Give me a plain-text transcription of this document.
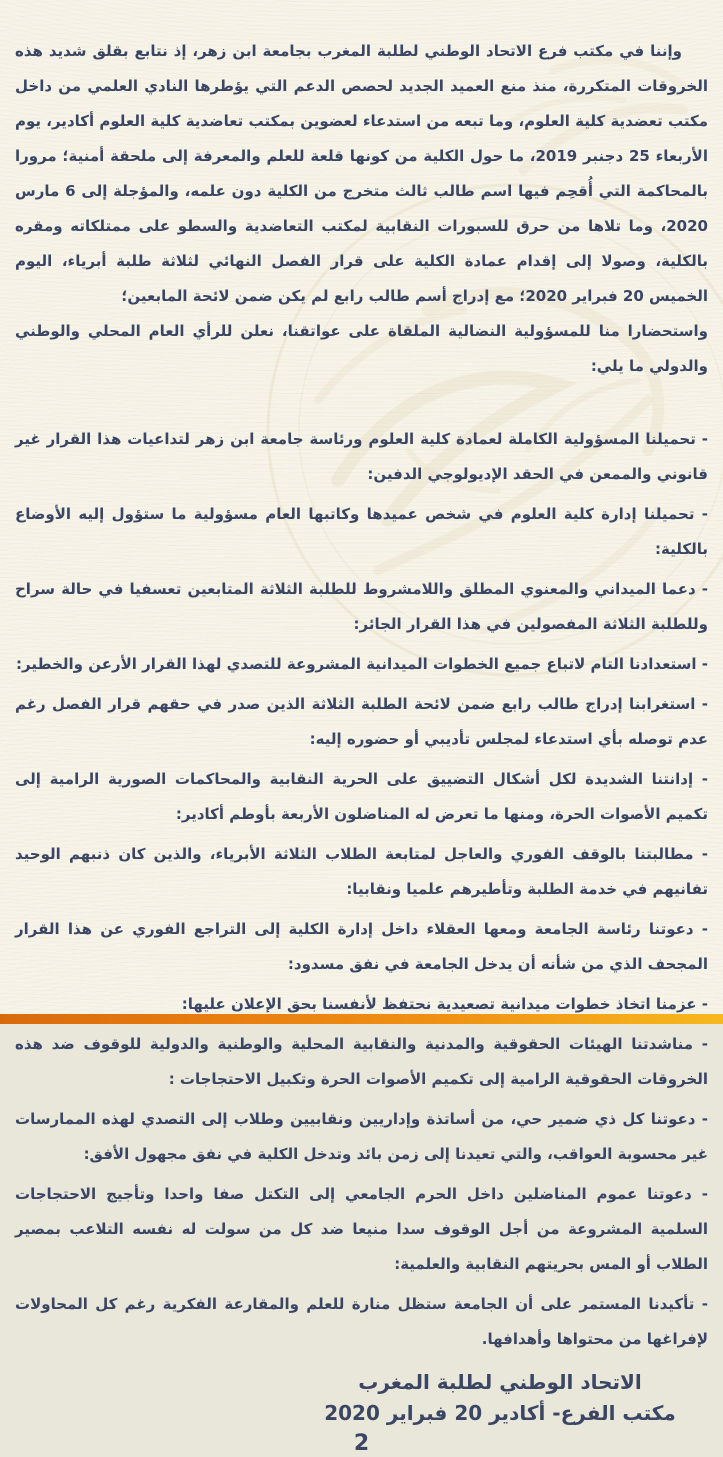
وإننا في مكتب فرع الاتحاد الوطني لطلبة المغرب بجامعة ابن زهر، إذ نتابع بقلق شديد هذه الخروقات المتكررة، منذ منع العميد الجديد لحصص الدعم التي يؤطرها النادي العلمي من داخل مكتب تعضدية كلية العلوم، وما تبعه من استدعاء لعضوين بمكتب تعاضدية كلية العلوم أكادير، يوم الأربعاء 25 دجنبر 2019، ما حول الكلية من كونها قلعة للعلم والمعرفة إلى ملحقة أمنية؛ مرورا بالمحاكمة التي أُقحِم فيها اسم طالب ثالث متخرج من الكلية دون علمه، والمؤجلة إلى 6 مارس 2020، وما تلاها من حرق للسبورات النقابية لمكتب التعاضدية والسطو على ممتلكاته ومقره بالكلية، وصولا إلى إقدام عمادة الكلية على قرار الفصل النهائي لثلاثة طلبة أبرياء، اليوم الخميس 20 فبراير 2020؛ مع إدراج أسم طالب رابع لم يكن ضمن لائحة المابعين؛

واستحضارا منا للمسؤولية النضالية الملقاة على عواتقنا، نعلن للرأي العام المحلي والوطني والدولي ما يلي:

- تحميلنا المسؤولية الكاملة لعمادة كلية العلوم ورئاسة جامعة ابن زهر لتداعيات هذا القرار غير قانوني والممعن في الحقد الإديولوجي الدفين:

- تحميلنا إدارة كلية العلوم في شخص عميدها وكاتبها العام مسؤولية ما ستؤول إليه الأوضاع بالكلية:

- دعما الميداني والمعنوي المطلق واللامشروط للطلبة الثلاثة المتابعين تعسفيا في حالة سراح وللطلبة الثلاثة المفصولين في هذا القرار الجائر:

- استعدادنا التام لاتباع جميع الخطوات الميدانية المشروعة للتصدي لهذا القرار الأرعن والخطير:

- استغرابنا إدراج طالب رابع ضمن لائحة الطلبة الثلاثة الذين صدر في حقهم قرار الفصل رغم عدم توصله بأي استدعاء لمجلس تأديبي أو حضوره إليه:

- إدانتنا الشديدة لكل أشكال التضييق على الحرية النقابية والمحاكمات الصورية الرامية إلى تكميم الأصوات الحرة، ومنها ما تعرض له المناضلون الأربعة بأوطم أكادير:

- مطالبتنا بالوقف الفوري والعاجل لمتابعة الطلاب الثلاثة الأبرياء، والذين كان ذنبهم الوحيد تفانيهم في خدمة الطلبة وتأطيرهم علميا ونقابيا:

- دعوتنا رئاسة الجامعة ومعها العقلاء داخل إدارة الكلية إلى التراجع الفوري عن هذا القرار المجحف الذي من شأنه أن يدخل الجامعة في نفق مسدود:

- عزمنا اتخاذ خطوات ميدانية تصعيدية نحتفظ لأنفسنا بحق الإعلان عليها:

- مناشدتنا الهيئات الحقوقية والمدنية والنقابية المحلية والوطنية والدولية للوقوف ضد هذه الخروقات الحقوقية الرامية إلى تكميم الأصوات الحرة وتكبيل الاحتجاجات :

- دعوتنا كل ذي ضمير حي، من أساتذة وإداريين ونقابيين وطلاب إلى التصدي لهذه الممارسات غير محسوبة العواقب، والتي تعيدنا إلى زمن بائد وتدخل الكلية في نفق مجهول الأفق:

- دعوتنا عموم المناضلين داخل الحرم الجامعي إلى التكتل صفا واحدا وتأجيج الاحتجاجات السلمية المشروعة من أجل الوقوف سدا منيعا ضد كل من سولت له نفسه التلاعب بمصير الطلاب أو المس بحريتهم النقابية والعلمية:

- تأكيدنا المستمر على أن الجامعة ستظل منارة للعلم والمقارعة الفكرية رغم كل المحاولات لإفراغها من محتواها وأهدافها.

الاتحاد الوطني لطلبة المغرب
مكتب الفرع- أكادير 20 فبراير 2020
2
